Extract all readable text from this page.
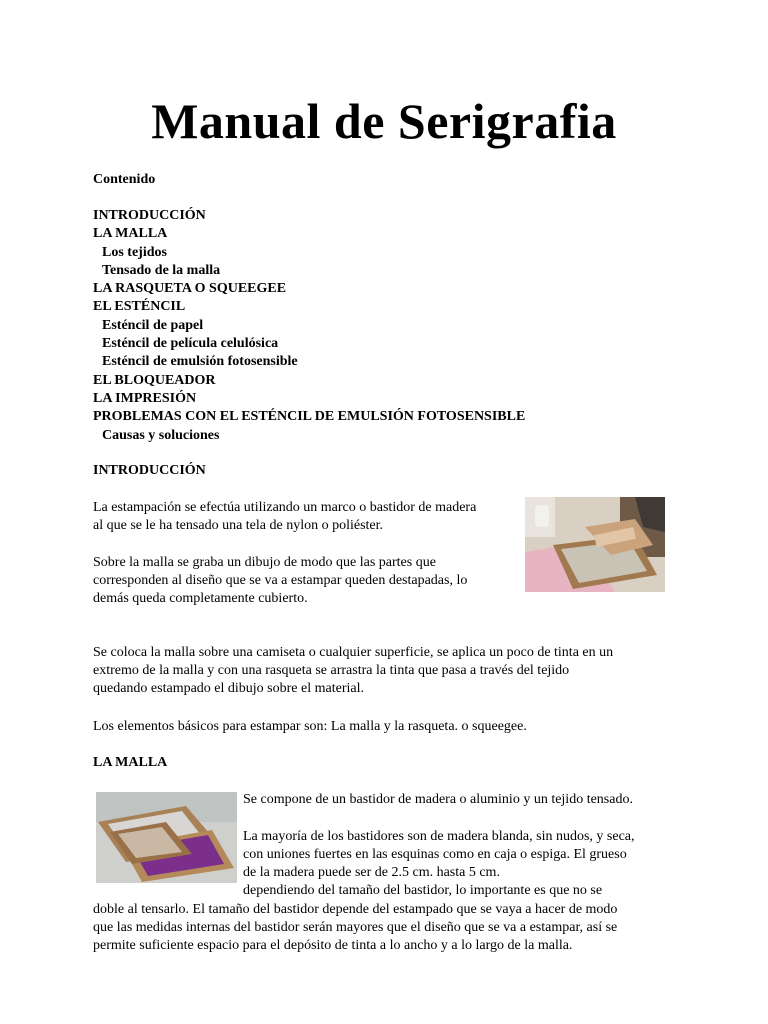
Manual de Serigrafia
Contenido
INTRODUCCIÓN
LA MALLA
Los tejidos
Tensado de la malla
LA RASQUETA O SQUEEGEE
EL ESTÉNCIL
Esténcil de papel
Esténcil de película celulósica
Esténcil de emulsión fotosensible
EL BLOQUEADOR
LA IMPRESIÓN
PROBLEMAS CON EL ESTÉNCIL DE EMULSIÓN FOTOSENSIBLE
Causas y soluciones
INTRODUCCIÓN
La estampación se efectúa utilizando un marco o bastidor de madera
al que se le ha tensado una tela de nylon o poliéster.
Sobre la malla se graba un dibujo de modo que las partes que
corresponden al diseño que se va a estampar queden destapadas, lo
demás queda completamente cubierto.
Se coloca la malla sobre una camiseta o cualquier superficie, se aplica un poco de tinta en un
extremo de la malla y con una rasqueta se arrastra la tinta que pasa a través del tejido
quedando estampado el dibujo sobre el material.
Los elementos básicos para estampar son: La malla y la rasqueta. o squeegee.
LA MALLA
Se compone de un bastidor de madera o aluminio y un tejido tensado.
La mayoría de los bastidores son de madera blanda, sin nudos, y seca,
con uniones fuertes en las esquinas como en caja o espiga. El grueso
de la madera puede ser de 2.5 cm. hasta 5 cm.
dependiendo del tamaño del bastidor, lo importante es que no se
doble al tensarlo. El tamaño del bastidor depende del estampado que se vaya a hacer de modo
que las medidas internas del bastidor serán mayores que el diseño que se va a estampar, así se
permite suficiente espacio para el depósito de tinta a lo ancho y a lo largo de la malla.
